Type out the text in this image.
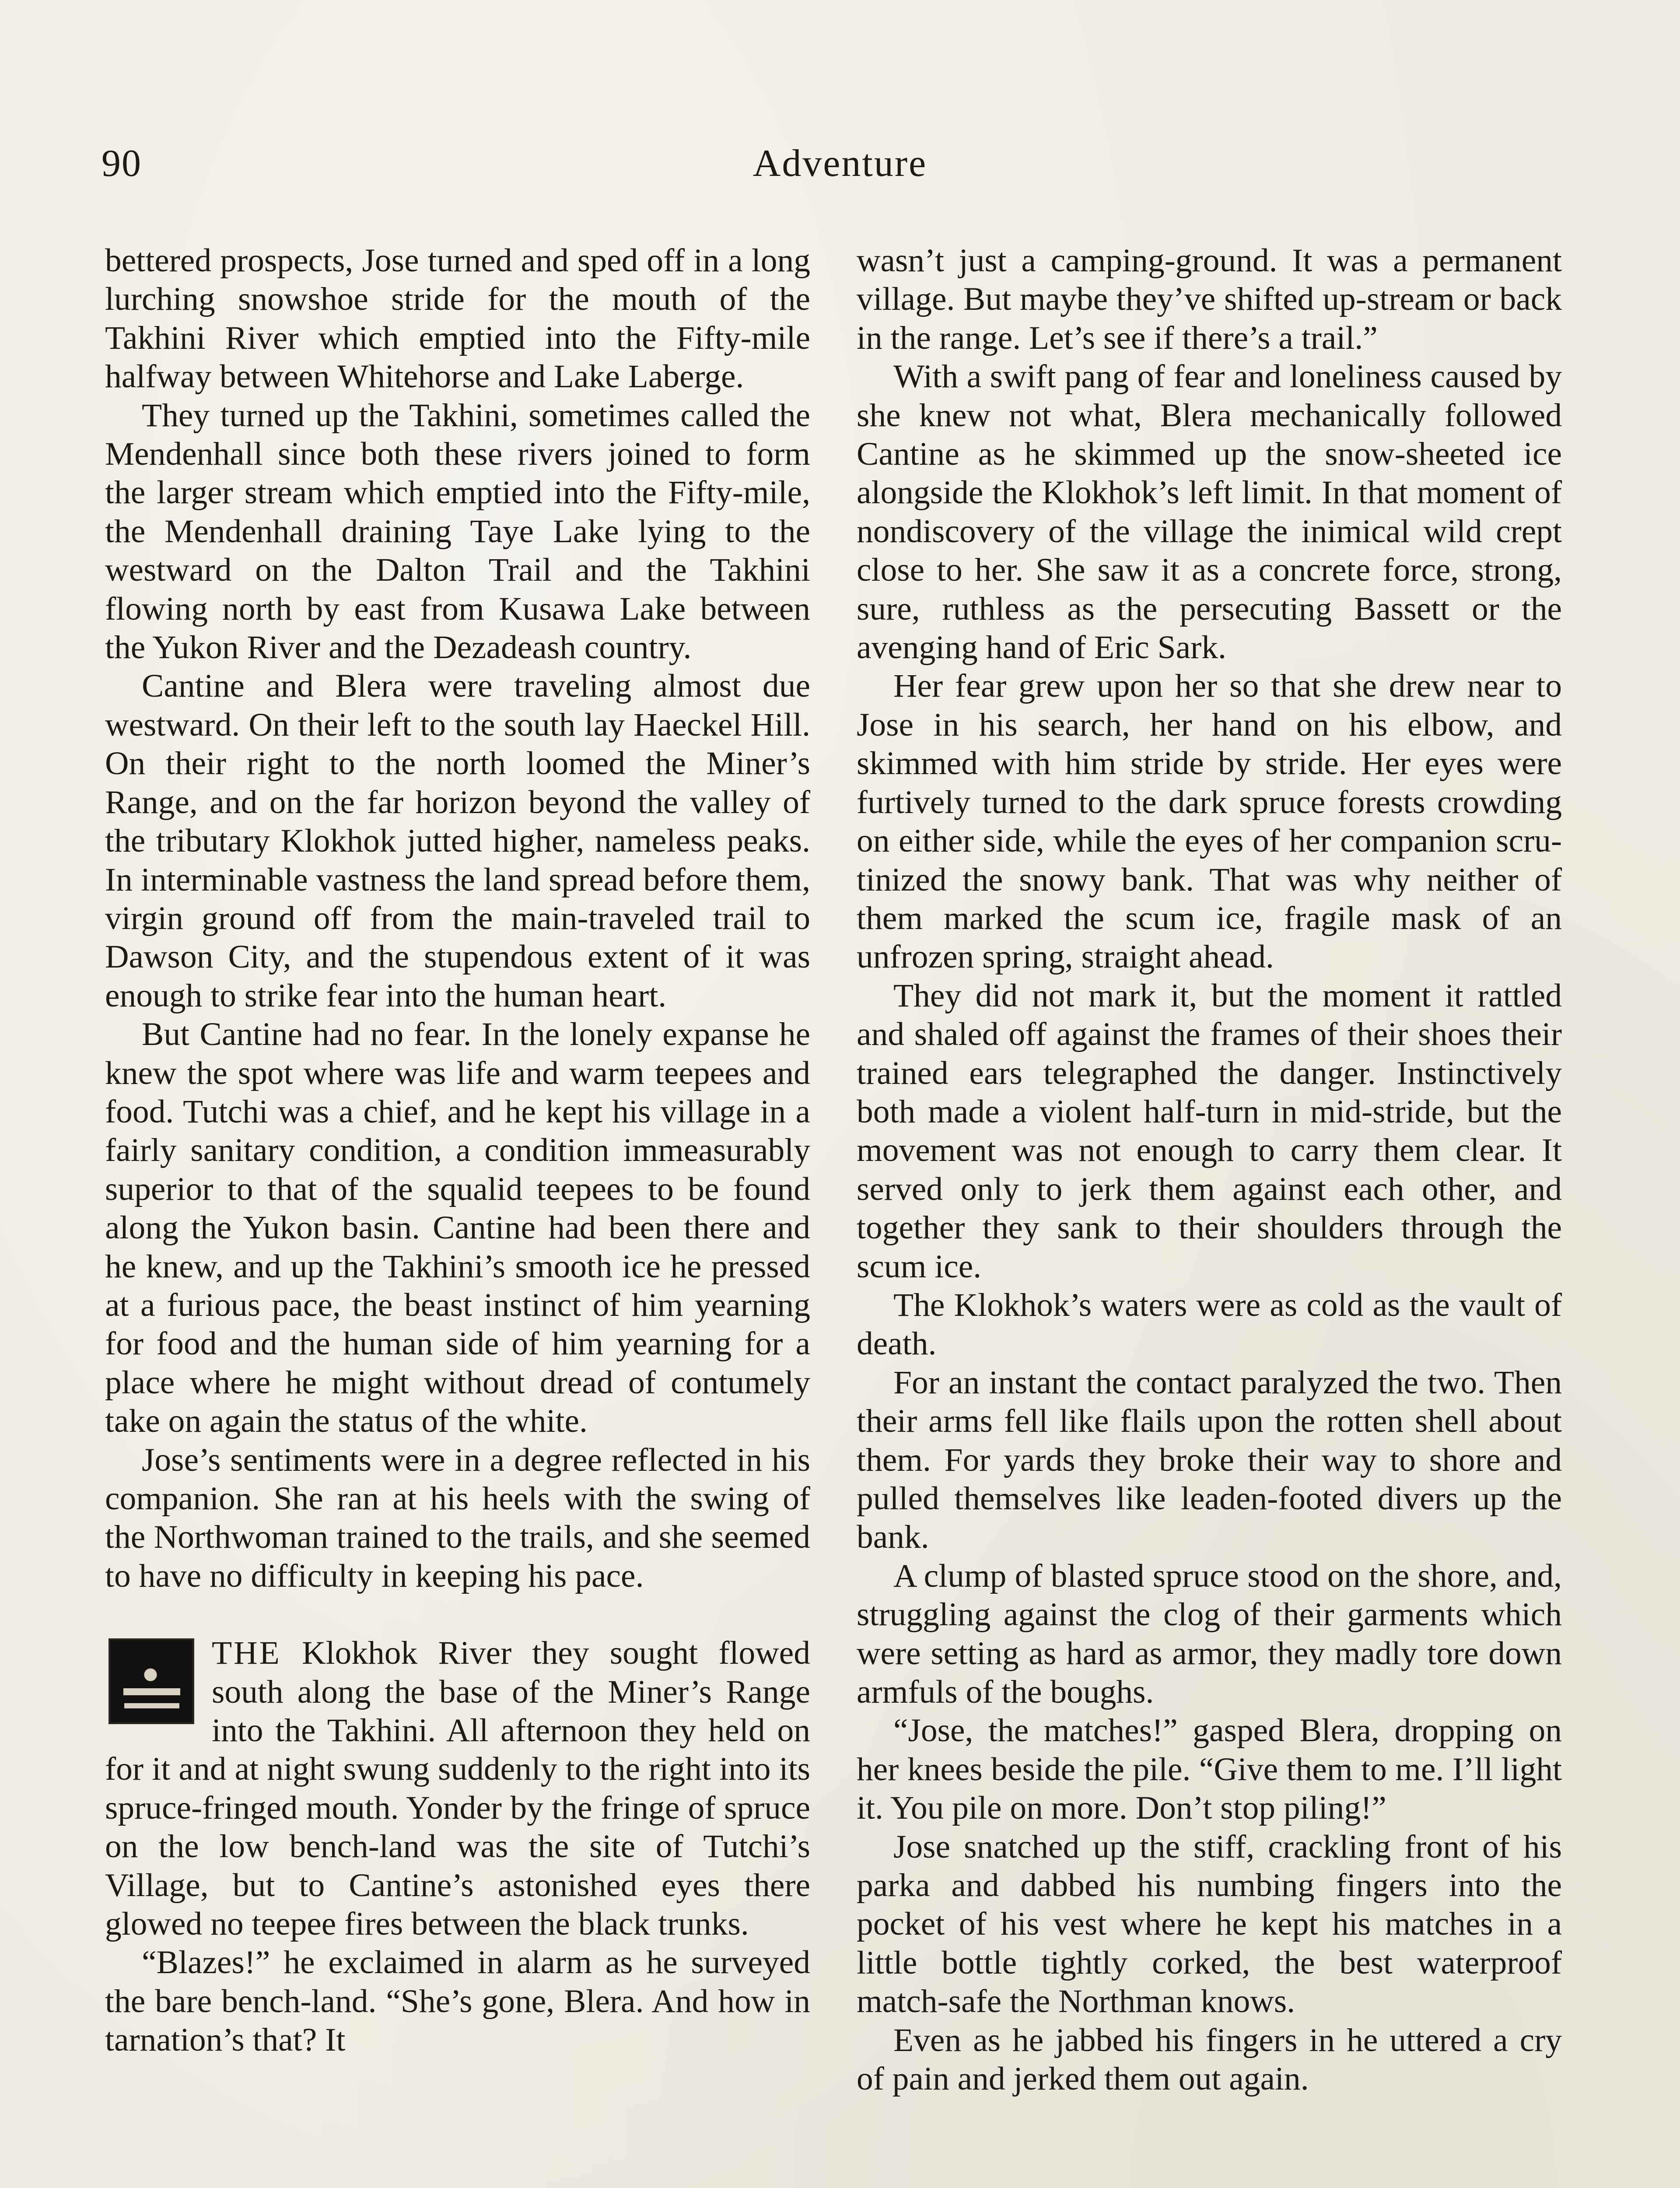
90	Adventure

bettered prospects, Jose turned and sped off in a long lurching snowshoe stride for the mouth of the Takhini River which emptied into the Fifty-mile halfway between Whitehorse and Lake Laberge.

They turned up the Takhini, sometimes called the Mendenhall since both these rivers joined to form the larger stream which emptied into the Fifty-mile, the Mendenhall draining Taye Lake lying to the westward on the Dalton Trail and the Takhini flowing north by east from Kusawa Lake between the Yukon River and the Dezadeash country.

Cantine and Blera were traveling almost due westward. On their left to the south lay Haeckel Hill. On their right to the north loomed the Miner’s Range, and on the far horizon beyond the valley of the tributary Klokhok jutted higher, nameless peaks. In interminable vastness the land spread before them, virgin ground off from the main-traveled trail to Dawson City, and the stupendous extent of it was enough to strike fear into the human heart.

But Cantine had no fear. In the lonely expanse he knew the spot where was life and warm teepees and food. Tutchi was a chief, and he kept his village in a fairly sanitary condition, a condition immeasurably superior to that of the squalid teepees to be found along the Yukon basin. Cantine had been there and he knew, and up the Takhini’s smooth ice he pressed at a furious pace, the beast instinct of him yearning for food and the human side of him yearning for a place where he might without dread of contumely take on again the status of the white.

Jose’s sentiments were in a degree reflected in his companion. She ran at his heels with the swing of the Northwoman trained to the trails, and she seemed to have no difficulty in keeping his pace.

THE Klokhok River they sought flowed south along the base of the Miner’s Range into the Takhini. All afternoon they held on for it and at night swung suddenly to the right into its spruce-fringed mouth. Yonder by the fringe of spruce on the low bench-land was the site of Tutchi’s Village, but to Cantine’s astonished eyes there glowed no teepee fires between the black trunks.

“Blazes!” he exclaimed in alarm as he surveyed the bare bench-land. “She’s gone, Blera. And how in tarnation’s that? It

wasn’t just a camping-ground. It was a permanent village. But maybe they’ve shifted up-stream or back in the range. Let’s see if there’s a trail.”

With a swift pang of fear and loneliness caused by she knew not what, Blera mechanically followed Cantine as he skimmed up the snow-sheeted ice alongside the Klokhok’s left limit. In that moment of nondiscovery of the village the inimical wild crept close to her. She saw it as a concrete force, strong, sure, ruthless as the persecuting Bassett or the avenging hand of Eric Sark.

Her fear grew upon her so that she drew near to Jose in his search, her hand on his elbow, and skimmed with him stride by stride. Her eyes were furtively turned to the dark spruce forests crowding on either side, while the eyes of her companion scrutinized the snowy bank. That was why neither of them marked the scum ice, fragile mask of an unfrozen spring, straight ahead.

They did not mark it, but the moment it rattled and shaled off against the frames of their shoes their trained ears telegraphed the danger. Instinctively both made a violent half-turn in mid-stride, but the movement was not enough to carry them clear. It served only to jerk them against each other, and together they sank to their shoulders through the scum ice.

The Klokhok’s waters were as cold as the vault of death.

For an instant the contact paralyzed the two. Then their arms fell like flails upon the rotten shell about them. For yards they broke their way to shore and pulled themselves like leaden-footed divers up the bank.

A clump of blasted spruce stood on the shore, and, struggling against the clog of their garments which were setting as hard as armor, they madly tore down armfuls of the boughs.

“Jose, the matches!” gasped Blera, dropping on her knees beside the pile. “Give them to me. I’ll light it. You pile on more. Don’t stop piling!”

Jose snatched up the stiff, crackling front of his parka and dabbed his numbing fingers into the pocket of his vest where he kept his matches in a little bottle tightly corked, the best waterproof match-safe the Northman knows.

Even as he jabbed his fingers in he uttered a cry of pain and jerked them out again.
